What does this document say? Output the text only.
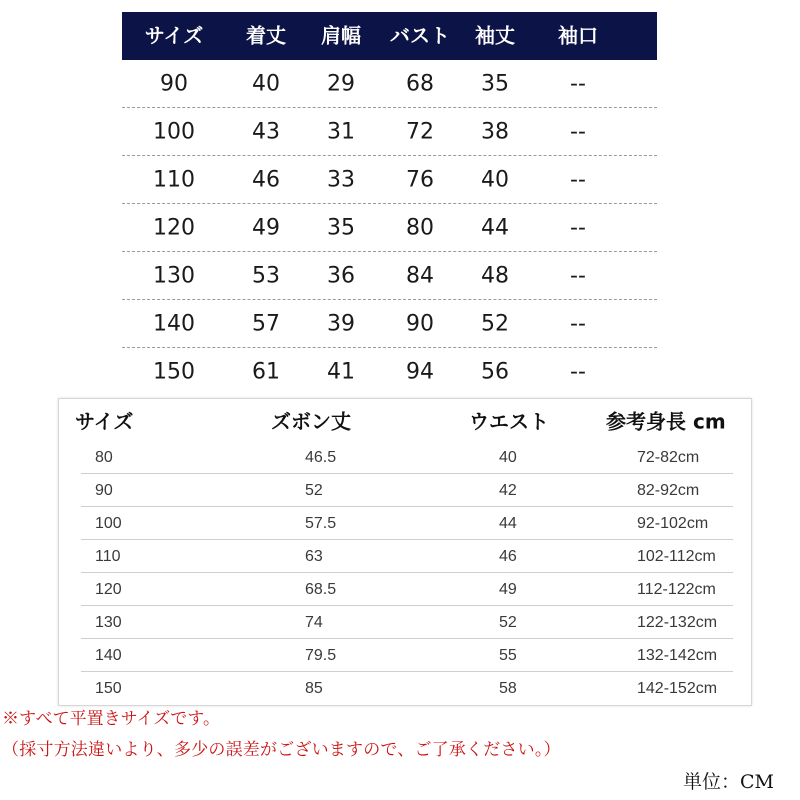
サイズ 着丈 肩幅 バスト 袖丈 袖口
90	40 29 68 35	--
100	43 31 72 38	--
110	46 33 76 40	--
120	49 35 80 44	--
130	53 36 84 48	--
140	57 39 90 52	--
150	61 41 94 56	--
サイズ	ズボン丈	ウエスト	参考身長 cm
80	46.5	40	72-82cm
90	52	42	82-92cm
100	57.5	44	92-102cm
110	63	46	102-112cm
120	68.5	49	112-122cm
130	74	52	122-132cm
140	79.5	55	132-142cm
150	85	58	142-152cm
※すべて平置きサイズです。
（採寸方法違いより、多少の誤差がございますので、ご了承ください。）
単位：CM
